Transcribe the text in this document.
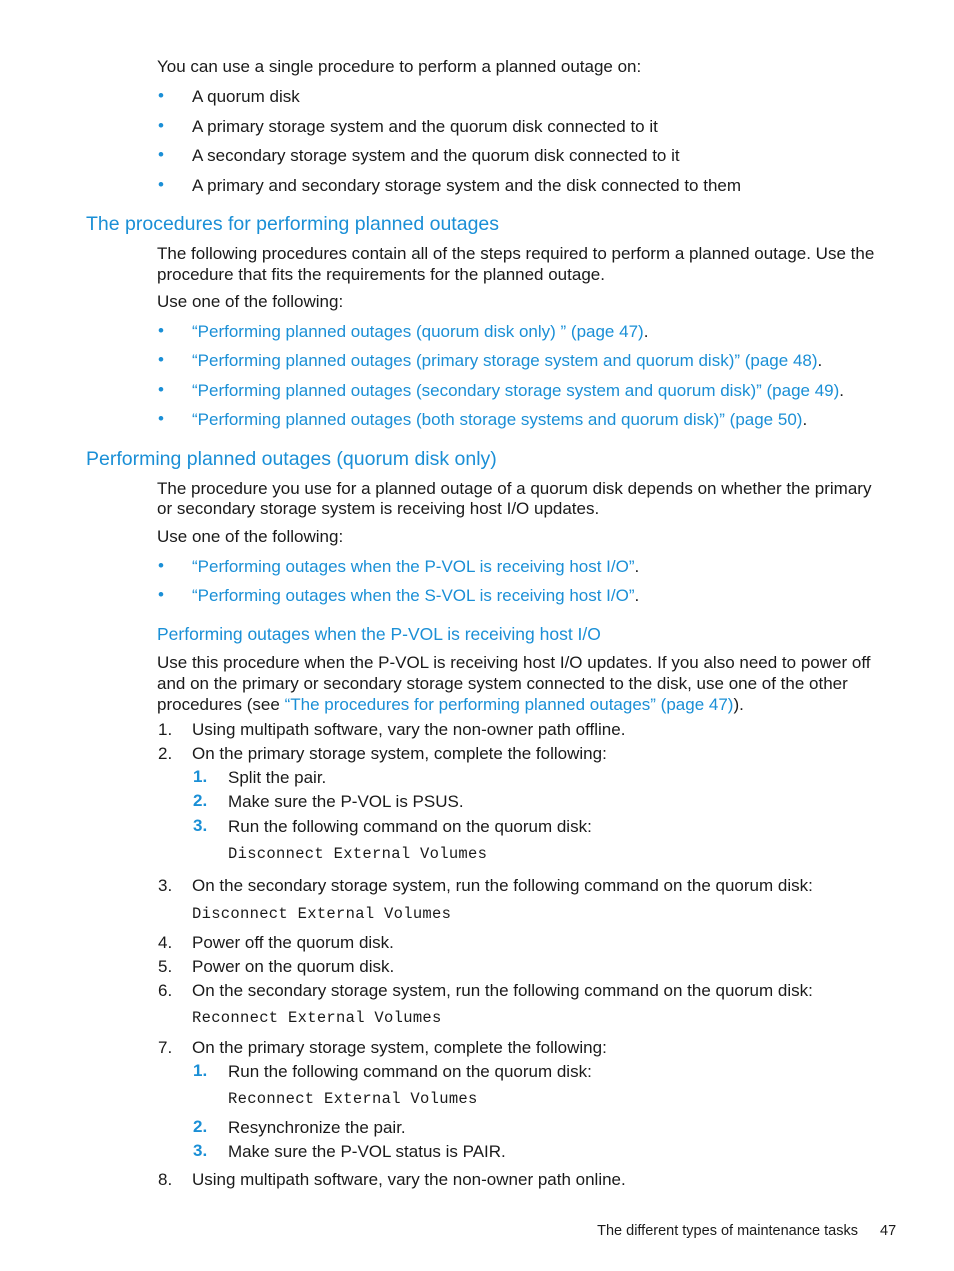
You can use a single procedure to perform a planned outage on:
• A quorum disk
• A primary storage system and the quorum disk connected to it
• A secondary storage system and the quorum disk connected to it
• A primary and secondary storage system and the disk connected to them
The procedures for performing planned outages
The following procedures contain all of the steps required to perform a planned outage. Use the
procedure that fits the requirements for the planned outage.
Use one of the following:
• “Performing planned outages (quorum disk only) ” (page 47).
• “Performing planned outages (primary storage system and quorum disk)” (page 48).
• “Performing planned outages (secondary storage system and quorum disk)” (page 49).
• “Performing planned outages (both storage systems and quorum disk)” (page 50).
Performing planned outages (quorum disk only)
The procedure you use for a planned outage of a quorum disk depends on whether the primary
or secondary storage system is receiving host I/O updates.
Use one of the following:
• “Performing outages when the P-VOL is receiving host I/O”.
• “Performing outages when the S-VOL is receiving host I/O”.
Performing outages when the P-VOL is receiving host I/O
Use this procedure when the P-VOL is receiving host I/O updates. If you also need to power off
and on the primary or secondary storage system connected to the disk, use one of the other
procedures (see “The procedures for performing planned outages” (page 47)).
1. Using multipath software, vary the non-owner path offline.
2. On the primary storage system, complete the following:
1. Split the pair.
2. Make sure the P-VOL is PSUS.
3. Run the following command on the quorum disk:
Disconnect External Volumes
3. On the secondary storage system, run the following command on the quorum disk:
Disconnect External Volumes
4. Power off the quorum disk.
5. Power on the quorum disk.
6. On the secondary storage system, run the following command on the quorum disk:
Reconnect External Volumes
7. On the primary storage system, complete the following:
1. Run the following command on the quorum disk:
Reconnect External Volumes
2. Resynchronize the pair.
3. Make sure the P-VOL status is PAIR.
8. Using multipath software, vary the non-owner path online.
The different types of maintenance tasks 47
